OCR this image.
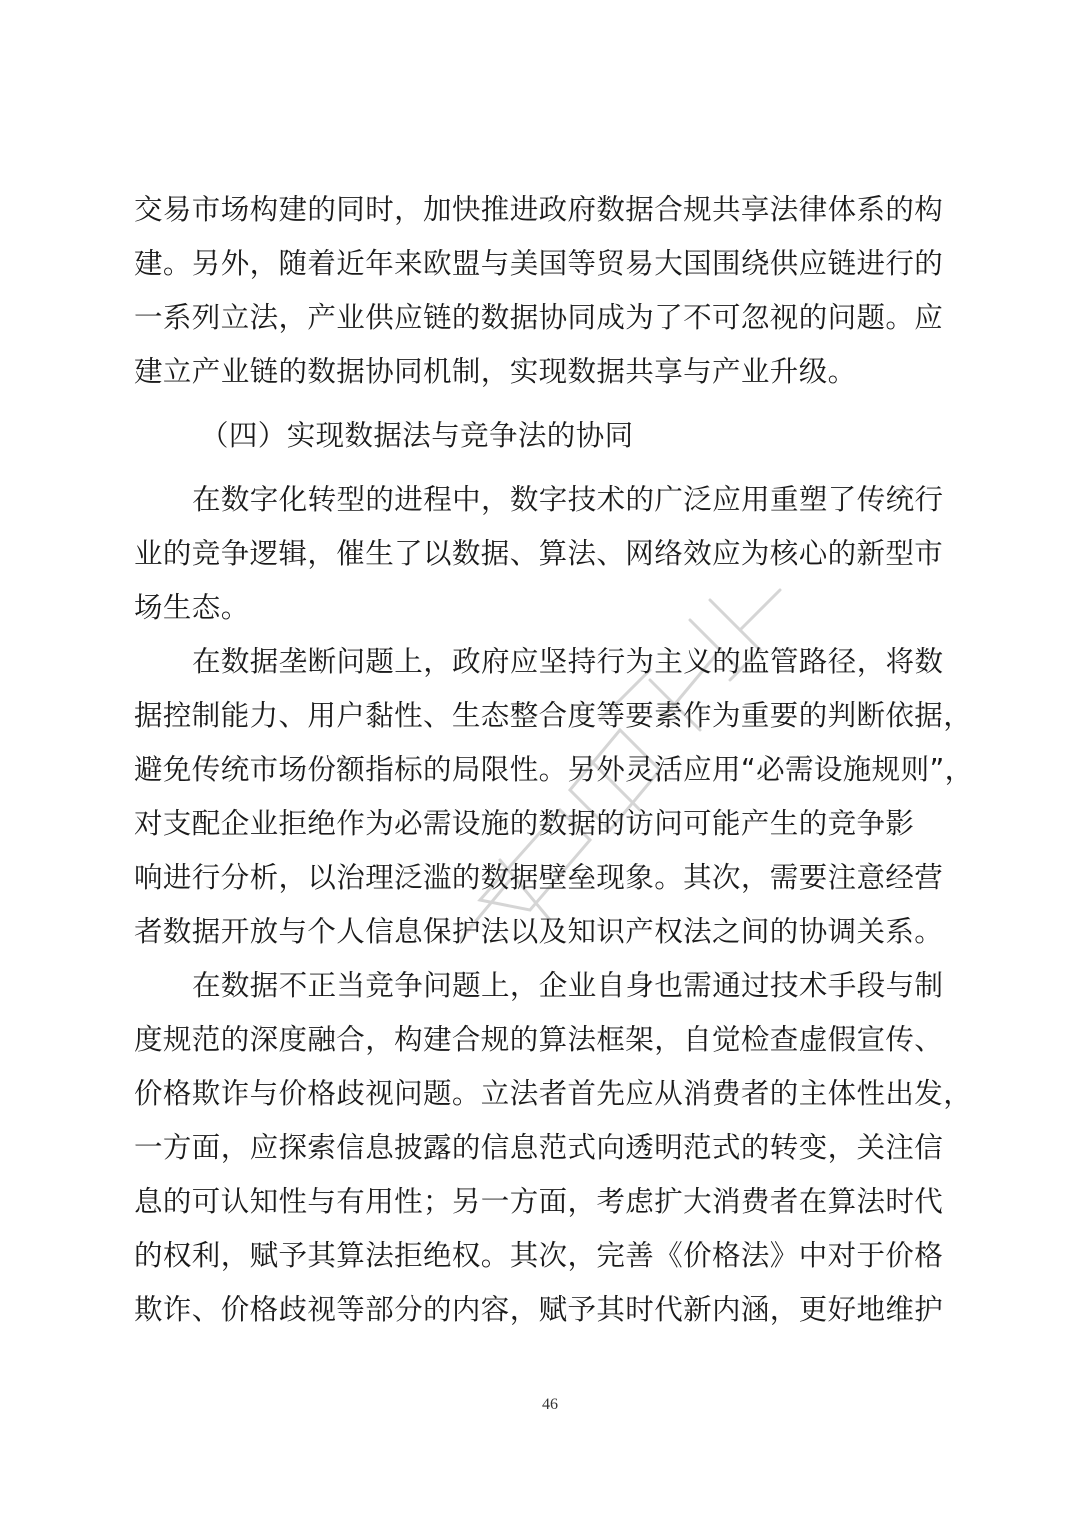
交易市场构建的同时，加快推进政府数据合规共享法律体系的构
建。另外，随着近年来欧盟与美国等贸易大国围绕供应链进行的
一系列立法，产业供应链的数据协同成为了不可忽视的问题。应
建立产业链的数据协同机制，实现数据共享与产业升级。
（四）实现数据法与竞争法的协同
在数字化转型的进程中，数字技术的广泛应用重塑了传统行
业的竞争逻辑，催生了以数据、算法、网络效应为核心的新型市
场生态。
在数据垄断问题上，政府应坚持行为主义的监管路径，将数
据控制能力、用户黏性、生态整合度等要素作为重要的判断依据，
避免传统市场份额指标的局限性。另外灵活应用“必需设施规则”，
对支配企业拒绝作为必需设施的数据的访问可能产生的竞争影
响进行分析，以治理泛滥的数据壁垒现象。其次，需要注意经营
者数据开放与个人信息保护法以及知识产权法之间的协调关系。
在数据不正当竞争问题上，企业自身也需通过技术手段与制
度规范的深度融合，构建合规的算法框架，自觉检查虚假宣传、
价格欺诈与价格歧视问题。立法者首先应从消费者的主体性出发，
一方面，应探索信息披露的信息范式向透明范式的转变，关注信
息的可认知性与有用性；另一方面，考虑扩大消费者在算法时代
的权利，赋予其算法拒绝权。其次，完善《价格法》中对于价格
欺诈、价格歧视等部分的内容，赋予其时代新内涵，更好地维护
46
